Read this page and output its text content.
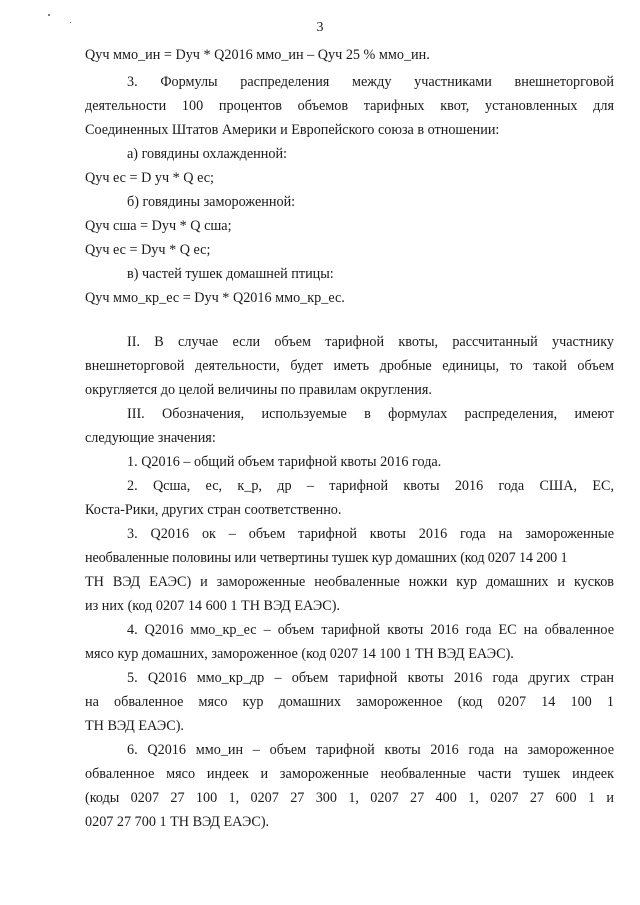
3
Qуч ммо_ин = Dуч * Q2016 ммо_ин – Qуч 25 % ммо_ин.
3. Формулы распределения между участниками внешнеторговой
деятельности 100 процентов объемов тарифных квот, установленных для
Соединенных Штатов Америки и Европейского союза в отношении:
а) говядины охлажденной:
Qуч ес = D уч * Q ес;
б) говядины замороженной:
Qуч сша = Dуч * Q сша;
Qуч ес = Dуч * Q ес;
в) частей тушек домашней птицы:
Qуч ммо_кр_ес = Dуч * Q2016 ммо_кр_ес.
II. В случае если объем тарифной квоты, рассчитанный участнику
внешнеторговой деятельности, будет иметь дробные единицы, то такой объем
округляется до целой величины по правилам округления.
III. Обозначения, используемые в формулах распределения, имеют
следующие значения:
1. Q2016 – общий объем тарифной квоты 2016 года.
2. Qсша, ес, к_р, др – тарифной квоты 2016 года США, ЕС,
Коста-Рики, других стран соответственно.
3. Q2016 ок – объем тарифной квоты 2016 года на замороженные
необваленные половины или четвертины тушек кур домашних (код 0207 14 200 1
ТН ВЭД ЕАЭС) и замороженные необваленные ножки кур домашних и кусков
из них (код 0207 14 600 1 ТН ВЭД ЕАЭС).
4. Q2016 ммо_кр_ес – объем тарифной квоты 2016 года ЕС на обваленное
мясо кур домашних, замороженное (код 0207 14 100 1 ТН ВЭД ЕАЭС).
5. Q2016 ммо_кр_др – объем тарифной квоты 2016 года других стран
на обваленное мясо кур домашних замороженное (код 0207 14 100 1
ТН ВЭД ЕАЭС).
6. Q2016 ммо_ин – объем тарифной квоты 2016 года на замороженное
обваленное мясо индеек и замороженные необваленные части тушек индеек
(коды 0207 27 100 1, 0207 27 300 1, 0207 27 400 1, 0207 27 600 1 и
0207 27 700 1 ТН ВЭД ЕАЭС).
